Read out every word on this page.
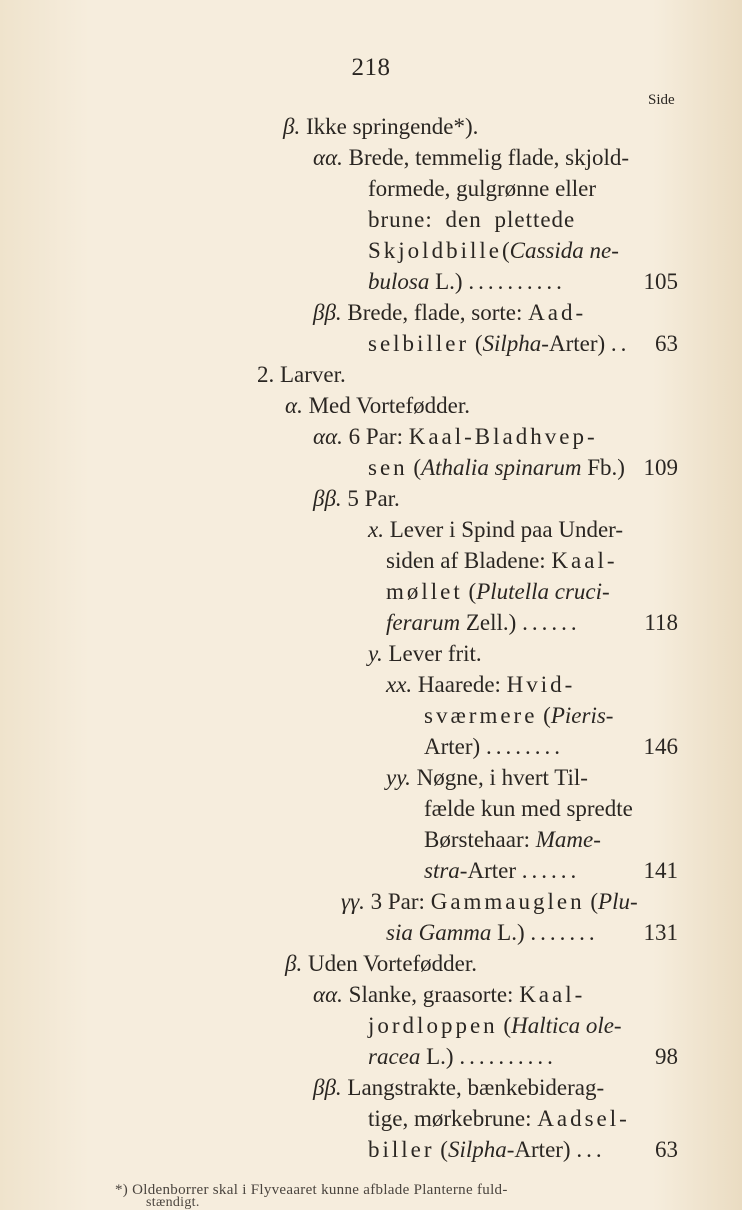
218
Side
β. Ikke springende*).
αα. Brede, temmelig flade, skjold-
formede, gulgrønne eller
brune: den plettede
Skjoldbille(Cassida ne-
bulosa L.) ..........	105
ββ. Brede, flade, sorte: Aad-
selbiller (Silpha-Arter) .. 63
2. Larver.
α. Med Vortefødder.
αα. 6 Par: Kaal-Bladhvep-
sen (Athalia spinarum Fb.) 109
ββ. 5 Par.
x. Lever i Spind paa Under-
siden af Bladene: Kaal-
møllet (Plutella cruci-
ferarum Zell.) ......	118
y. Lever frit.
xx. Haarede: Hvid-
sværmere (Pieris-
Arter) ........	146
yy. Nøgne, i hvert Til-
fælde kun med spredte
Børstehaar: Mame-
stra-Arter ......	141
γγ. 3 Par: Gammauglen (Plu-
sia Gamma L.) ....... 131
β. Uden Vortefødder.
αα. Slanke, graasorte: Kaal-
jordloppen (Haltica ole-
racea L.) ..........	98
ββ. Langstrakte, bænkebiderag-
tige, mørkebrune: Aadsel-
biller (Silpha-Arter) ... 63
*) Oldenborrer skal i Flyveaaret kunne afblade Planterne fuld-
stændigt.
